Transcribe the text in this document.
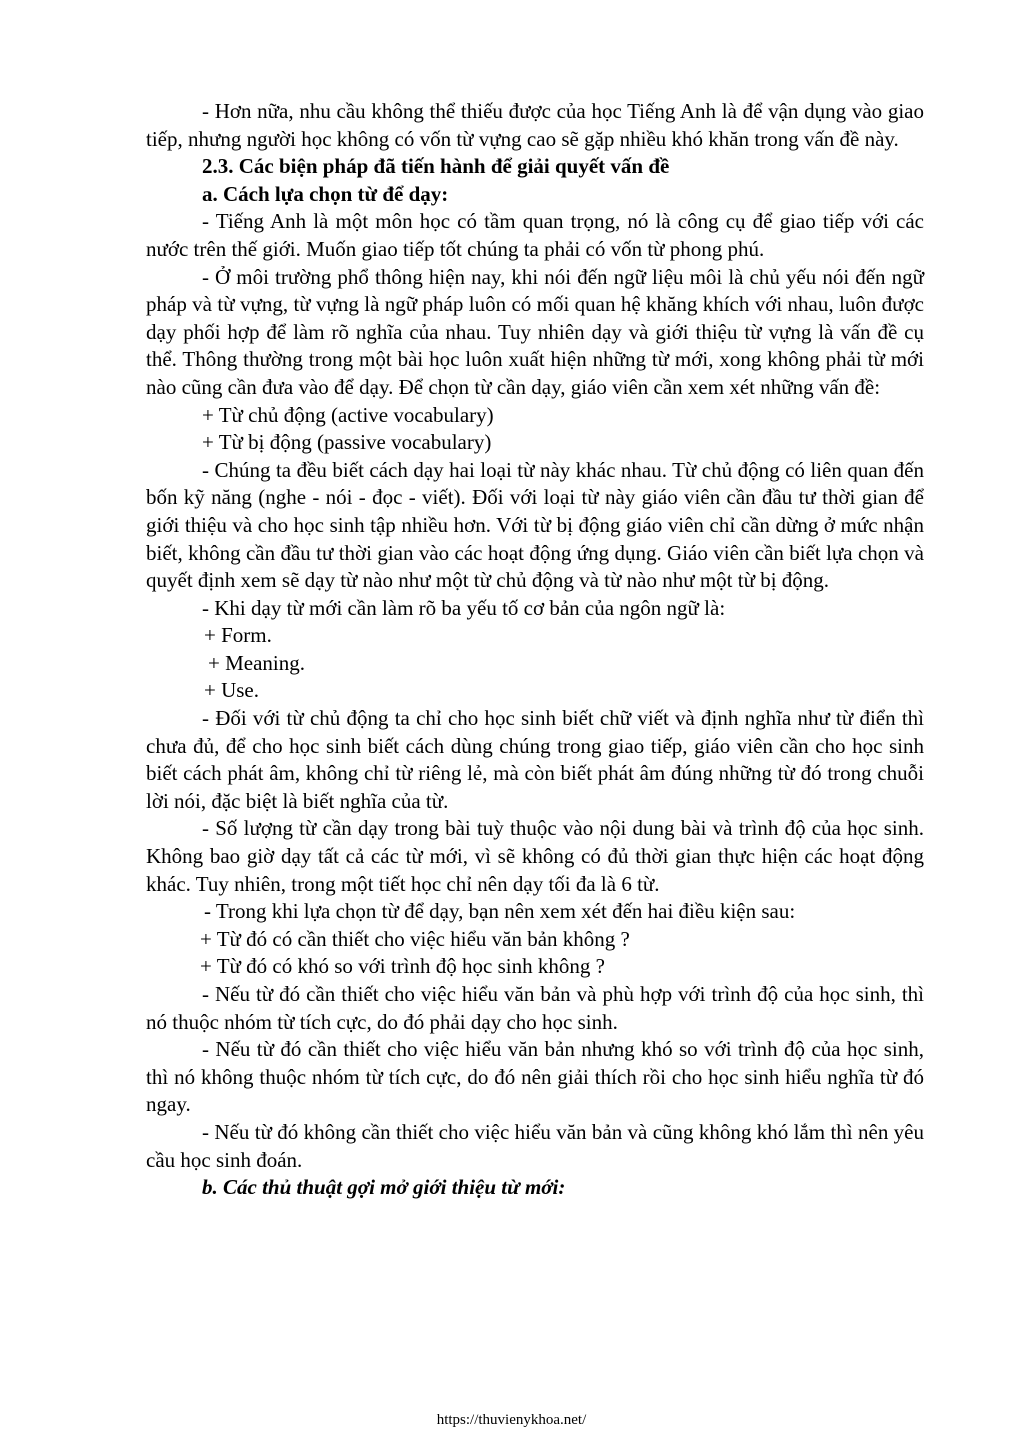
- Hơn nữa, nhu cầu không thể thiếu được của học Tiếng Anh là để vận dụng vào giao tiếp, nhưng người học không có vốn từ vựng cao sẽ gặp nhiều khó khăn trong vấn đề này.

2.3. Các biện pháp đã tiến hành để giải quyết vấn đề

a. Cách lựa chọn từ để dạy:

- Tiếng Anh là một môn học có tầm quan trọng, nó là công cụ để giao tiếp với các nước trên thế giới. Muốn giao tiếp tốt chúng ta phải có vốn từ phong phú.

- Ở môi trường phổ thông hiện nay, khi nói đến ngữ liệu môi là chủ yếu nói đến ngữ pháp và từ vựng, từ vựng là ngữ pháp luôn có mối quan hệ khăng khích với nhau, luôn được dạy phối hợp để làm rõ nghĩa của nhau. Tuy nhiên dạy và giới thiệu từ vựng là vấn đề cụ thể. Thông thường trong một bài học luôn xuất hiện những từ mới, xong không phải từ mới nào cũng cần đưa vào để dạy. Để chọn từ cần dạy, giáo viên cần xem xét những vấn đề:

+ Từ chủ động (active vocabulary)

+ Từ bị động (passive vocabulary)

- Chúng ta đều biết cách dạy hai loại từ này khác nhau. Từ chủ động có liên quan đến bốn kỹ năng (nghe - nói - đọc - viết). Đối với loại từ này giáo viên cần đầu tư thời gian để giới thiệu và cho học sinh tập nhiều hơn. Với từ bị động giáo viên chỉ cần dừng ở mức nhận biết, không cần đầu tư thời gian vào các hoạt động ứng dụng. Giáo viên cần biết lựa chọn và quyết định xem sẽ dạy từ nào như một từ chủ động và từ nào như một từ bị động.

- Khi dạy từ mới cần làm rõ ba yếu tố cơ bản của ngôn ngữ là:

+ Form.

+ Meaning.

+ Use.

- Đối với từ chủ động ta chỉ cho học sinh biết chữ viết và định nghĩa như từ điển thì chưa đủ, để cho học sinh biết cách dùng chúng trong giao tiếp, giáo viên cần cho học sinh biết cách phát âm, không chỉ từ riêng lẻ, mà còn biết phát âm đúng những từ đó trong chuỗi lời nói, đặc biệt là biết nghĩa của từ.

- Số lượng từ cần dạy trong bài tuỳ thuộc vào nội dung bài và trình độ của học sinh. Không bao giờ dạy tất cả các từ mới, vì sẽ không có đủ thời gian thực hiện các hoạt động khác. Tuy nhiên, trong một tiết học chỉ nên dạy tối đa là 6 từ.

- Trong khi lựa chọn từ để dạy, bạn nên xem xét đến hai điều kiện sau:

+ Từ đó có cần thiết cho việc hiểu văn bản không ?

+ Từ đó có khó so với trình độ học sinh không ?

- Nếu từ đó cần thiết cho việc hiểu văn bản và phù hợp với trình độ của học sinh, thì nó thuộc nhóm từ tích cực, do đó phải dạy cho học sinh.

- Nếu từ đó cần thiết cho việc hiểu văn bản nhưng khó so với trình độ của học sinh, thì nó không thuộc nhóm từ tích cực, do đó nên giải thích rồi cho học sinh hiểu nghĩa từ đó ngay.

- Nếu từ đó không cần thiết cho việc hiểu văn bản và cũng không khó lắm thì nên yêu cầu học sinh đoán.

b. Các thủ thuật gợi mở giới thiệu từ mới:

https://thuvienykhoa.net/
